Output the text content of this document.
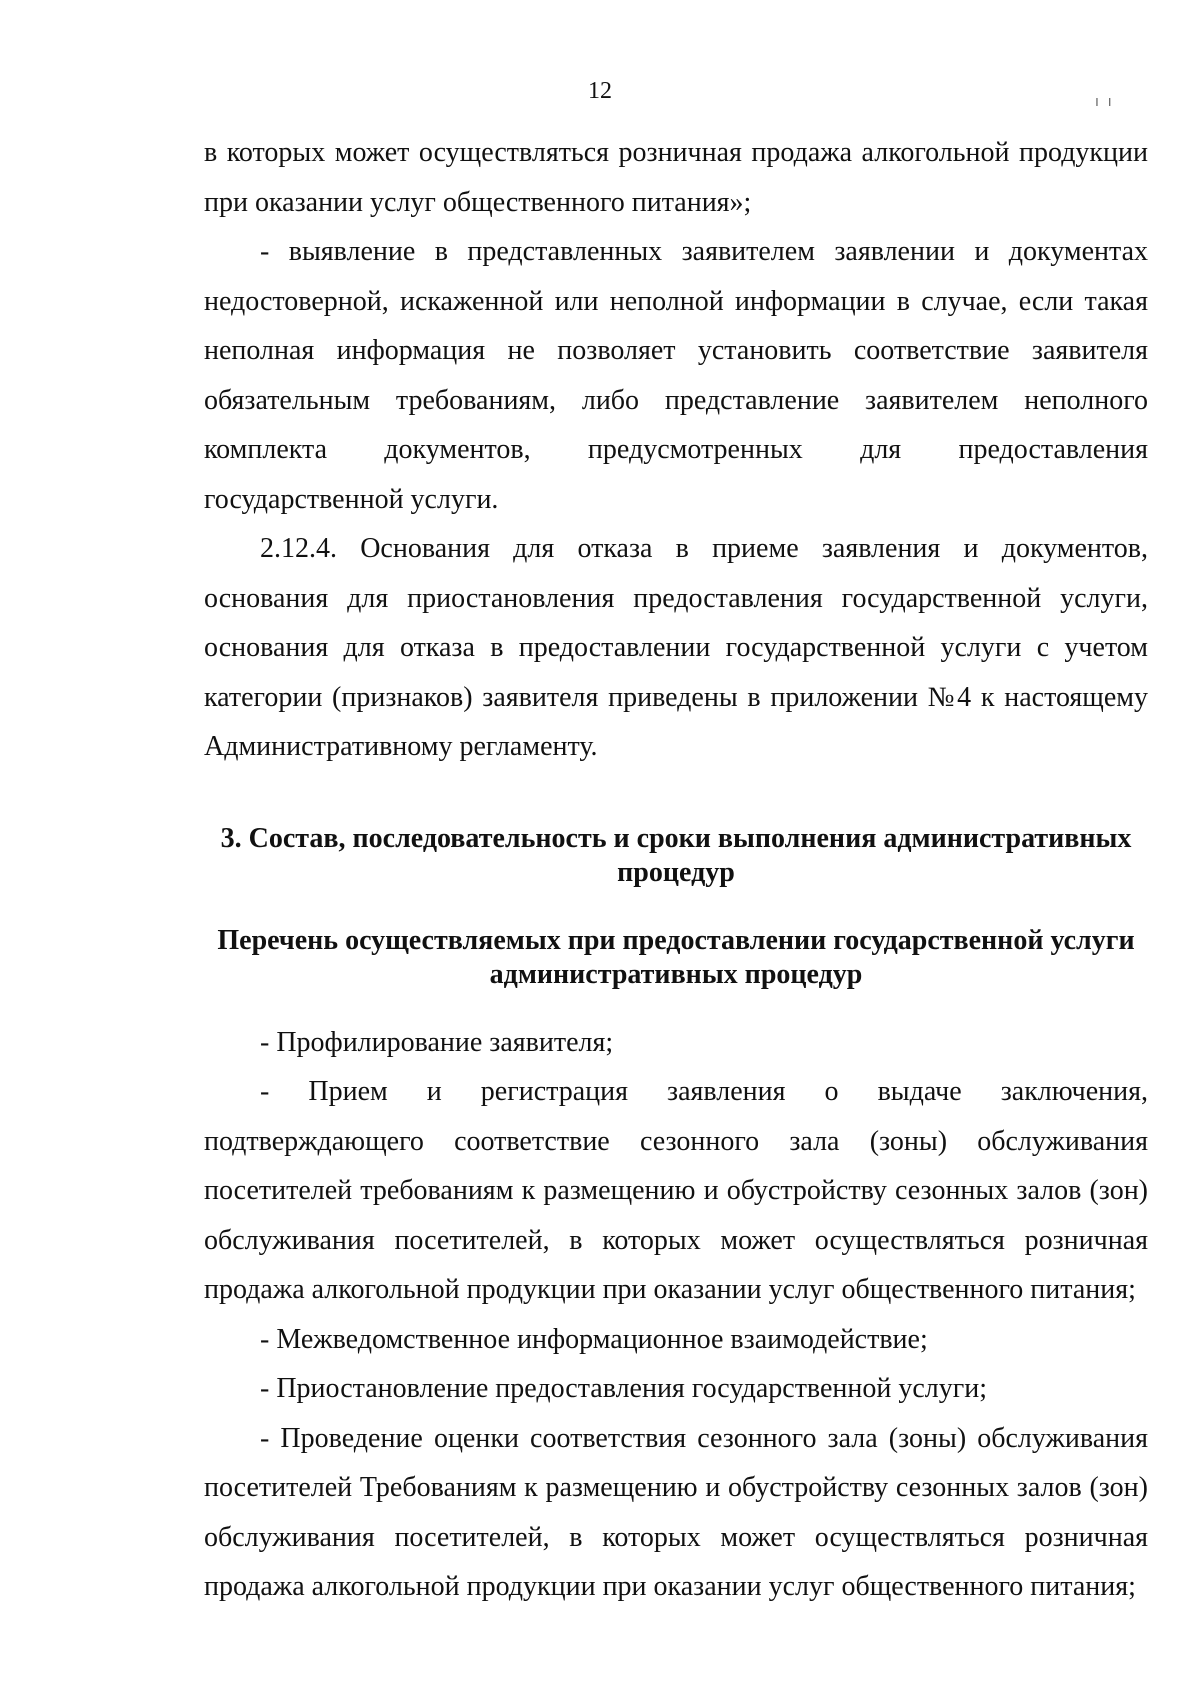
12	ı  ı

в которых может осуществляться розничная продажа алкогольной продукции при оказании услуг общественного питания»;

- выявление в представленных заявителем заявлении и документах недостоверной, искаженной или неполной информации в случае, если такая неполная информация не позволяет установить соответствие заявителя обязательным требованиям, либо представление заявителем неполного комплекта документов, предусмотренных для предоставления государственной услуги.

2.12.4. Основания для отказа в приеме заявления и документов, основания для приостановления предоставления государственной услуги, основания для отказа в предоставлении государственной услуги с учетом категории (признаков) заявителя приведены в приложении №4 к настоящему Административному регламенту.

3. Состав, последовательность и сроки выполнения административных процедур

Перечень осуществляемых при предоставлении государственной услуги административных процедур

- Профилирование заявителя;

- Прием и регистрация заявления о выдаче заключения, подтверждающего соответствие сезонного зала (зоны) обслуживания посетителей требованиям к размещению и обустройству сезонных залов (зон) обслуживания посетителей, в которых может осуществляться розничная продажа алкогольной продукции при оказании услуг общественного питания;

- Межведомственное информационное взаимодействие;

- Приостановление предоставления государственной услуги;

- Проведение оценки соответствия сезонного зала (зоны) обслуживания посетителей Требованиям к размещению и обустройству сезонных залов (зон) обслуживания посетителей, в которых может осуществляться розничная продажа алкогольной продукции при оказании услуг общественного питания;
